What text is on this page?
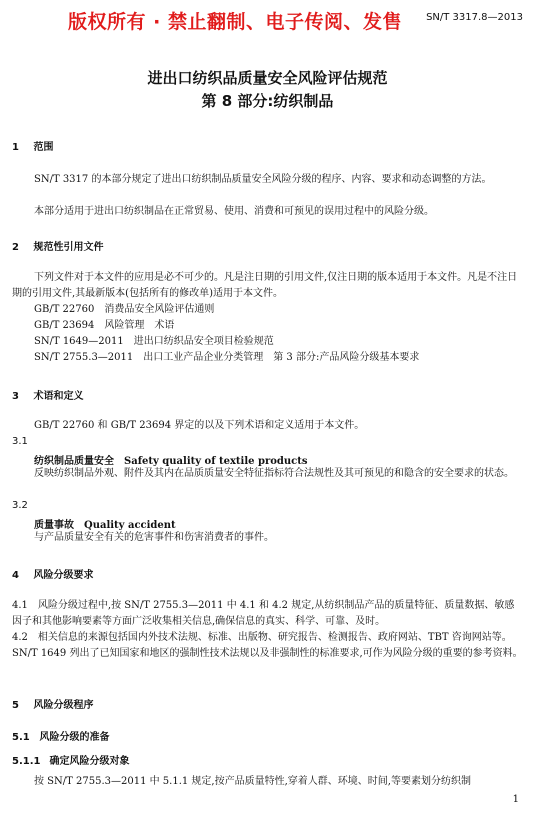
版权所有 · 禁止翻制、电子传阅、发售 SN/T 3317.8—2013
进出口纺织品质量安全风险评估规范
第 8 部分:纺织制品
1 范围
SN/T 3317 的本部分规定了进出口纺织制品质量安全风险分级的程序、内容、要求和动态调整的方法。
本部分适用于进出口纺织制品在正常贸易、使用、消费和可预见的误用过程中的风险分级。
2 规范性引用文件
下列文件对于本文件的应用是必不可少的。凡是注日期的引用文件,仅注日期的版本适用于本文件。凡是不注日期的引用文件,其最新版本(包括所有的修改单)适用于本文件。
GB/T 22760　消费品安全风险评估通则
GB/T 23694　风险管理　术语
SN/T 1649—2011　进出口纺织品安全项目检验规范
SN/T 2755.3—2011　出口工业产品企业分类管理　第 3 部分:产品风险分级基本要求
3 术语和定义
GB/T 22760 和 GB/T 23694 界定的以及下列术语和定义适用于本文件。
3.1
纺织制品质量安全　Safety quality of textile products
反映纺织制品外观、附件及其内在品质质量安全特征指标符合法规性及其可预见的和隐含的安全要求的状态。
3.2
质量事故　Quality accident
与产品质量安全有关的危害事件和伤害消费者的事件。
4 风险分级要求
4.1　风险分级过程中,按 SN/T 2755.3—2011 中 4.1 和 4.2 规定,从纺织制品产品的质量特征、质量数据、敏感因子和其他影响要素等方面广泛收集相关信息,确保信息的真实、科学、可靠、及时。
4.2　相关信息的来源包括国内外技术法规、标准、出版物、研究报告、检测报告、政府网站、TBT 咨询网站等。SN/T 1649 列出了已知国家和地区的强制性技术法规以及非强制性的标准要求,可作为风险分级的重要的参考资料。
5 风险分级程序
5.1 风险分级的准备
5.1.1 确定风险分级对象
按 SN/T 2755.3—2011 中 5.1.1 规定,按产品质量特性,穿着人群、环境、时间,等要素划分纺织制
1
